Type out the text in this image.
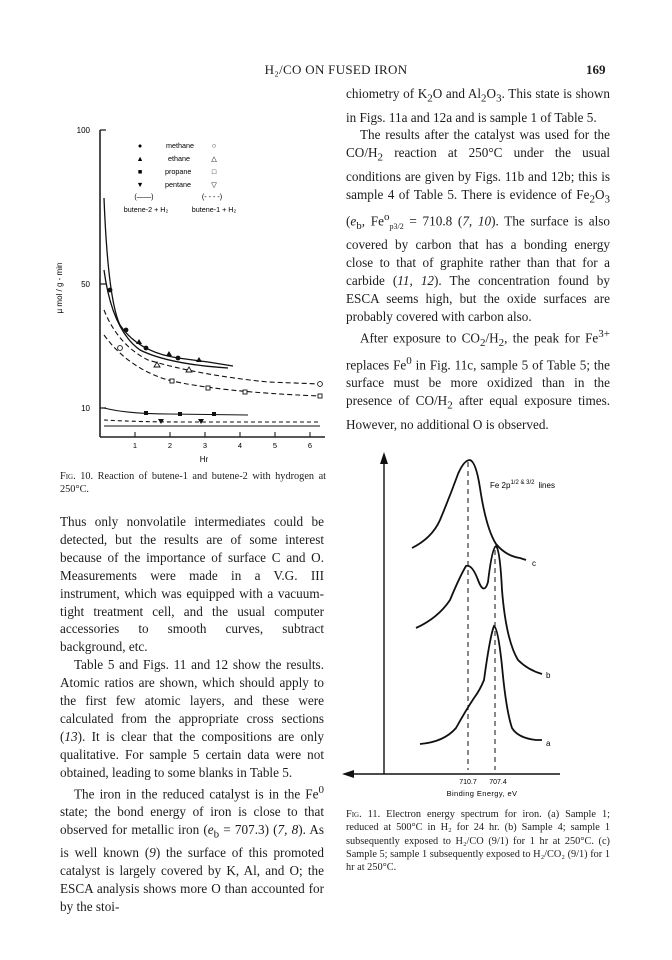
H₂/CO ON FUSED IRON	169

chiometry of $K_2O$ and $Al_2O_3$. This state is shown in Figs. 11a and 12a and is sample 1 of Table 5.

The results after the catalyst was used for the $CO/H_2$ reaction at 250°C under the usual conditions are given by Figs. 11b and 12b; this is sample 4 of Table 5. There is evidence of $Fe_2O_3$ ($e_b$, $Fe^o_{p3/2} = 710.8$ (7, 10). The surface is also covered by carbon that has a bonding energy close to that of graphite rather than that for a carbide (11, 12). The concentration found by ESCA seems high, but the oxide surfaces are probably covered with carbon also.

After exposure to $CO_2/H_2$, the peak for $Fe^{3+}$ replaces Fe$^0$ in Fig. 11c, sample 5 of Table 5; the surface must be more oxidized than in the presence of $CO/H_2$ after equal exposure times. However, no additional O is observed.

100
50
10
1	2	3	4	5	6
Hr
µ mol / g - min
●	methane ○
▲	ethane	△
■	propane	□
▼	pentane	▽
(——)	(- - - -)
butene-2 + H₂	butene-1 + H₂
Fig. 10. Reaction of butene-1 and butene-2 with hydrogen at 250°C.

Thus only nonvolatile intermediates could be detected, but the results are of some interest because of the importance of surface C and O. Measurements were made in a V.G. III instrument, which was equipped with a vacuum-tight treatment cell, and the usual computer accessories to smooth curves, subtract background, etc.

Table 5 and Figs. 11 and 12 show the results. Atomic ratios are shown, which should apply to the first few atomic layers, and these were calculated from the appropriate cross sections (13). It is clear that the compositions are only qualitative. For sample 5 certain data were not obtained, leading to some blanks in Table 5.

The iron in the reduced catalyst is in the Fe$^0$ state; the bond energy of iron is close to that observed for metallic iron $(e_b = 707.3)$ (7, 8). As is well known (9) the surface of this promoted catalyst is largely covered by K, Al, and O; the ESCA analysis shows more O than accounted for by the stoi-

Fe $2p^{1/2 \& 3/2}$ lines
c
b
a
710.7 707.4
Binding Energy, eV
Fig. 11. Electron energy spectrum for iron. (a) Sample 1; reduced at 500°C in H₂ for 24 hr. (b) Sample 4; sample 1 subsequently exposed to H₂/CO (9/1) for 1 hr at 250°C. (c) Sample 5; sample 1 subsequently exposed to H₂/CO₂ (9/1) for 1 hr at 250°C.
